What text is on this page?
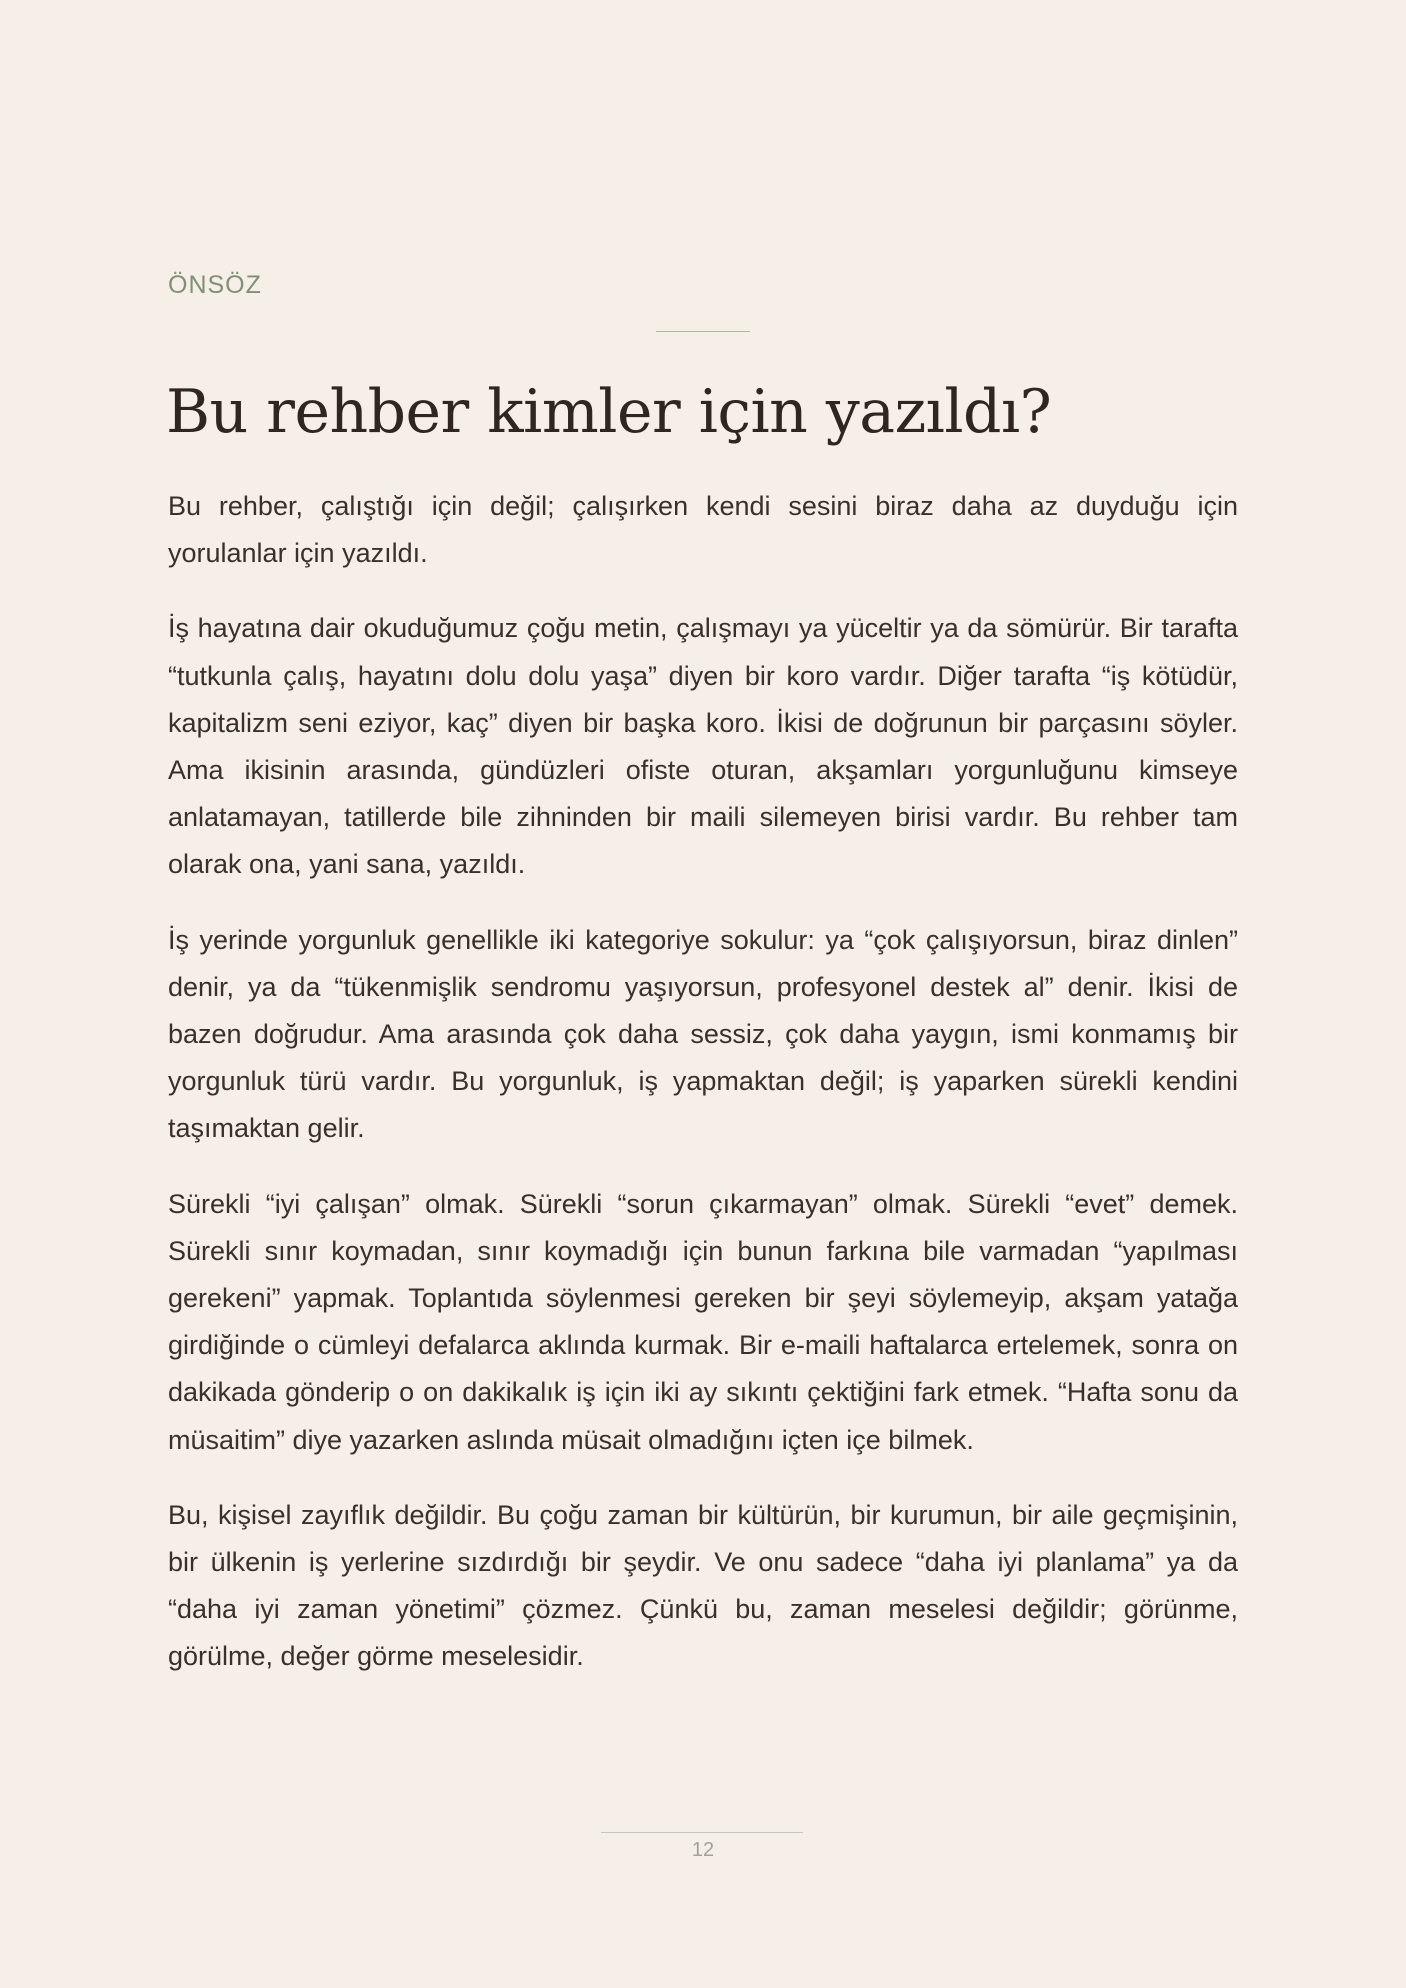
ÖNSÖZ
Bu rehber kimler için yazıldı?

Bu rehber, çalıştığı için değil; çalışırken kendi sesini biraz daha az duyduğu için yorulanlar için yazıldı.

İş hayatına dair okuduğumuz çoğu metin, çalışmayı ya yüceltir ya da sömürür. Bir tarafta “tutkunla çalış, hayatını dolu dolu yaşa” diyen bir koro vardır. Diğer tarafta “iş kötüdür, kapitalizm seni eziyor, kaç” diyen bir başka koro. İkisi de doğrunun bir parçasını söyler. Ama ikisinin arasında, gündüzleri ofiste oturan, akşamları yorgunluğunu kimseye anlatamayan, tatillerde bile zihninden bir maili silemeyen birisi vardır. Bu rehber tam olarak ona, yani sana, yazıldı.

İş yerinde yorgunluk genellikle iki kategoriye sokulur: ya “çok çalışıyorsun, biraz dinlen” denir, ya da “tükenmişlik sendromu yaşıyorsun, profesyonel destek al” denir. İkisi de bazen doğrudur. Ama arasında çok daha sessiz, çok daha yaygın, ismi konmamış bir yorgunluk türü vardır. Bu yorgunluk, iş yapmaktan değil; iş yaparken sürekli kendini taşımaktan gelir.

Sürekli “iyi çalışan” olmak. Sürekli “sorun çıkarmayan” olmak. Sürekli “evet” demek. Sürekli sınır koymadan, sınır koymadığı için bunun farkına bile varmadan “yapılması gerekeni” yapmak. Toplantıda söylenmesi gereken bir şeyi söylemeyip, akşam yatağa girdiğinde o cümleyi defalarca aklında kurmak. Bir e-maili haftalarca ertelemek, sonra on dakikada gönderip o on dakikalık iş için iki ay sıkıntı çektiğini fark etmek. “Hafta sonu da müsaitim” diye yazarken aslında müsait olmadığını içten içe bilmek.

Bu, kişisel zayıflık değildir. Bu çoğu zaman bir kültürün, bir kurumun, bir aile geçmişinin, bir ülkenin iş yerlerine sızdırdığı bir şeydir. Ve onu sadece “daha iyi planlama” ya da “daha iyi zaman yönetimi” çözmez. Çünkü bu, zaman meselesi değildir; görünme, görülme, değer görme meselesidir.

12
